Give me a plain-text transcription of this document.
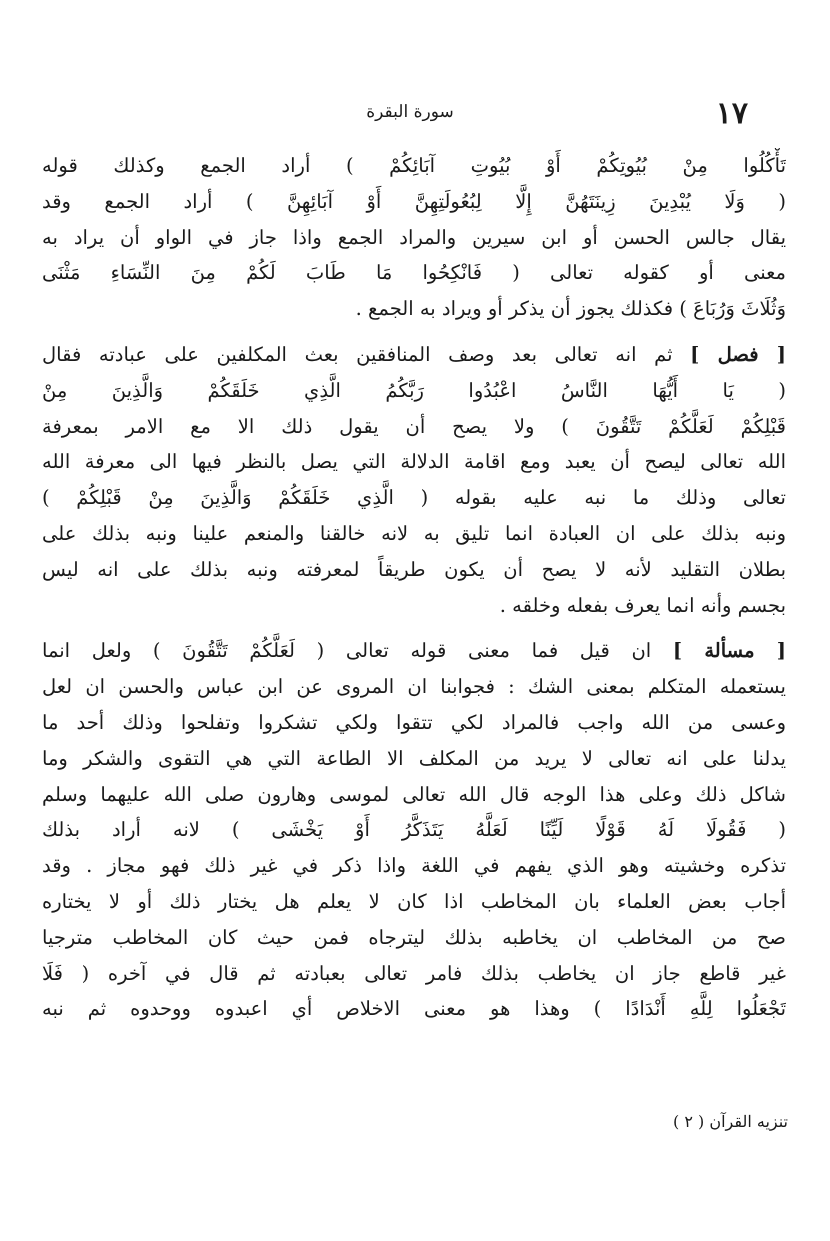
١٧
سورة البقرة
تَأْكُلُوا مِنْ بُيُوتِكُمْ أَوْ بُيُوتِ آبَائِكُمْ ) أراد الجمع وكذلك قوله
( وَلَا يُبْدِينَ زِينَتَهُنَّ إِلَّا لِبُعُولَتِهِنَّ أَوْ آبَائِهِنَّ ) أراد الجمع وقد
يقال جالس الحسن أو ابن سيرين والمراد الجمع واذا جاز في الواو أن يراد به
معنى أو كقوله تعالى ( فَانْكِحُوا مَا طَابَ لَكُمْ مِنَ النِّسَاءِ مَثْنَى
وَثُلَاثَ وَرُبَاعَ ) فكذلك يجوز أن يذكر أو ويراد به الجمع .
[ فصل ] ثم انه تعالى بعد وصف المنافقين بعث المكلفين على عبادته فقال
( يَا أَيُّهَا النَّاسُ اعْبُدُوا رَبَّكُمُ الَّذِي خَلَقَكُمْ وَالَّذِينَ مِنْ
قَبْلِكُمْ لَعَلَّكُمْ تَتَّقُونَ ) ولا يصح أن يقول ذلك الا مع الامر بمعرفة
الله تعالى ليصح أن يعبد ومع اقامة الدلالة التي يصل بالنظر فيها الى معرفة الله
تعالى وذلك ما نبه عليه بقوله ( الَّذِي خَلَقَكُمْ وَالَّذِينَ مِنْ قَبْلِكُمْ )
ونبه بذلك على ان العبادة انما تليق به لانه خالقنا والمنعم علينا ونبه بذلك على
بطلان التقليد لأنه لا يصح أن يكون طريقاً لمعرفته ونبه بذلك على انه ليس
بجسم وأنه انما يعرف بفعله وخلقه .
[ مسألة ] ان قيل فما معنى قوله تعالى ( لَعَلَّكُمْ تَتَّقُونَ ) ولعل انما
يستعمله المتكلم بمعنى الشك : فجوابنا ان المروى عن ابن عباس والحسن ان لعل
وعسى من الله واجب فالمراد لكي تتقوا ولكي تشكروا وتفلحوا وذلك أحد ما
يدلنا على انه تعالى لا يريد من المكلف الا الطاعة التي هي التقوى والشكر وما
شاكل ذلك وعلى هذا الوجه قال الله تعالى لموسى وهارون صلى الله عليهما وسلم
( فَقُولَا لَهُ قَوْلًا لَيِّنًا لَعَلَّهُ يَتَذَكَّرُ أَوْ يَخْشَى ) لانه أراد بذلك
تذكره وخشيته وهو الذي يفهم في اللغة واذا ذكر في غير ذلك فهو مجاز . وقد
أجاب بعض العلماء بان المخاطب اذا كان لا يعلم هل يختار ذلك أو لا يختاره
صح من المخاطب ان يخاطبه بذلك ليترجاه فمن حيث كان المخاطب مترجيا
غير قاطع جاز ان يخاطب بذلك فامر تعالى بعبادته ثم قال في آخره ( فَلَا
تَجْعَلُوا لِلَّهِ أَنْدَادًا ) وهذا هو معنى الاخلاص أي اعبدوه ووحدوه ثم نبه
تنزيه القرآن ( ٢ )
